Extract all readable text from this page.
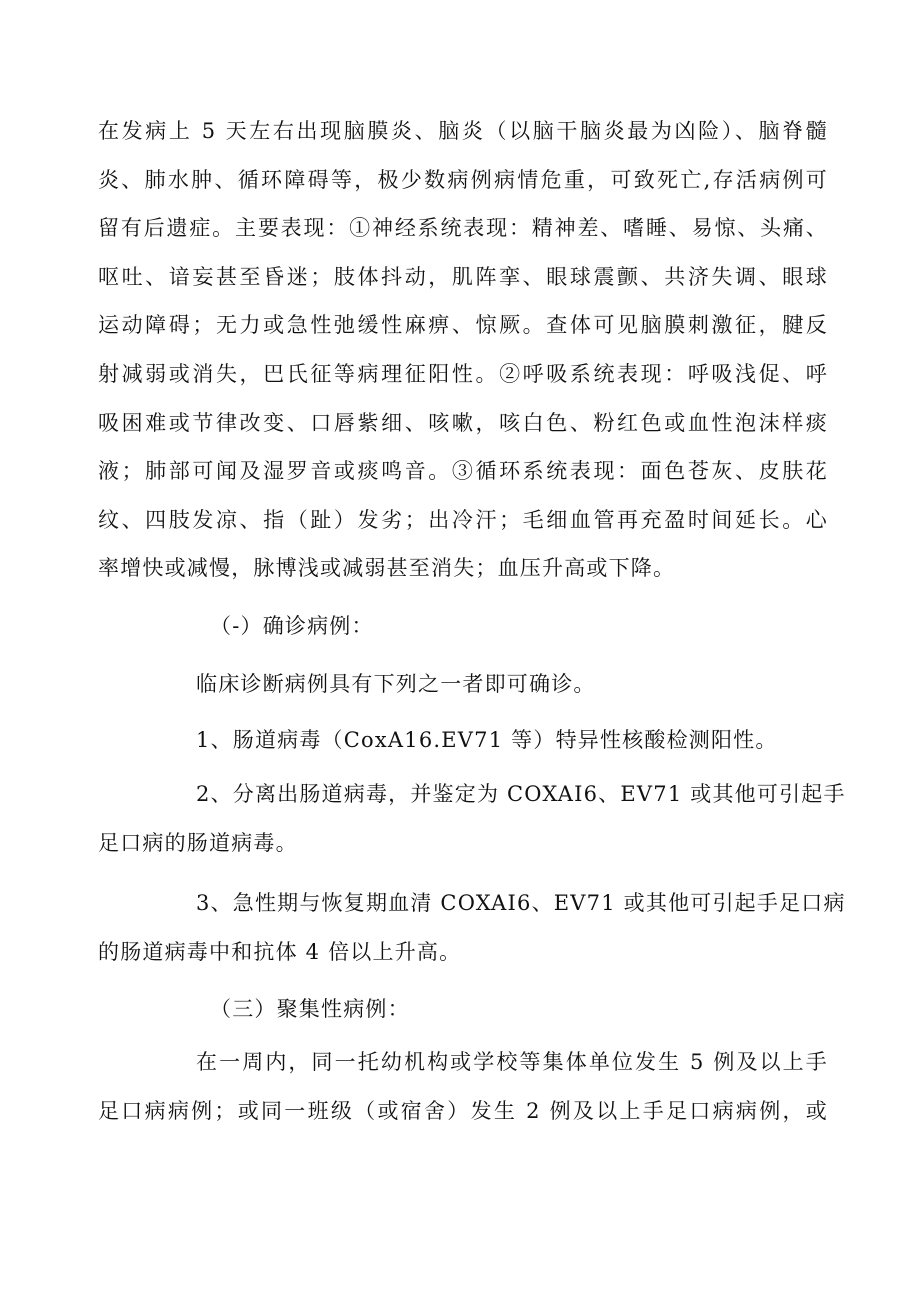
在发病上 5 天左右出现脑膜炎、脑炎（以脑干脑炎最为凶险）、脑脊髓
炎、肺水肿、循环障碍等，极少数病例病情危重，可致死亡,存活病例可
留有后遗症。主要表现：①神经系统表现：精神差、嗜睡、易惊、头痛、
呕吐、谙妄甚至昏迷；肢体抖动，肌阵挛、眼球震颤、共济失调、眼球
运动障碍；无力或急性弛缓性麻痹、惊厥。查体可见脑膜刺激征，腱反
射减弱或消失，巴氏征等病理征阳性。②呼吸系统表现：呼吸浅促、呼
吸困难或节律改变、口唇紫细、咳嗽，咳白色、粉红色或血性泡沫样痰
液；肺部可闻及湿罗音或痰鸣音。③循环系统表现：面色苍灰、皮肤花
纹、四肢发凉、指（趾）发劣；出冷汗；毛细血管再充盈时间延长。心
率增快或减慢，脉博浅或减弱甚至消失；血压升高或下降。
（-）确诊病例：
临床诊断病例具有下列之一者即可确诊。
1、肠道病毒（CoxA16.EV71 等）特异性核酸检测阳性。
2、分离出肠道病毒，并鉴定为 COXAI6、EV71 或其他可引起手
足口病的肠道病毒。
3、急性期与恢复期血清 COXAI6、EV71 或其他可引起手足口病
的肠道病毒中和抗体 4 倍以上升高。
（三）聚集性病例：
在一周内，同一托幼机构或学校等集体单位发生 5 例及以上手
足口病病例；或同一班级（或宿舍）发生 2 例及以上手足口病病例，或
